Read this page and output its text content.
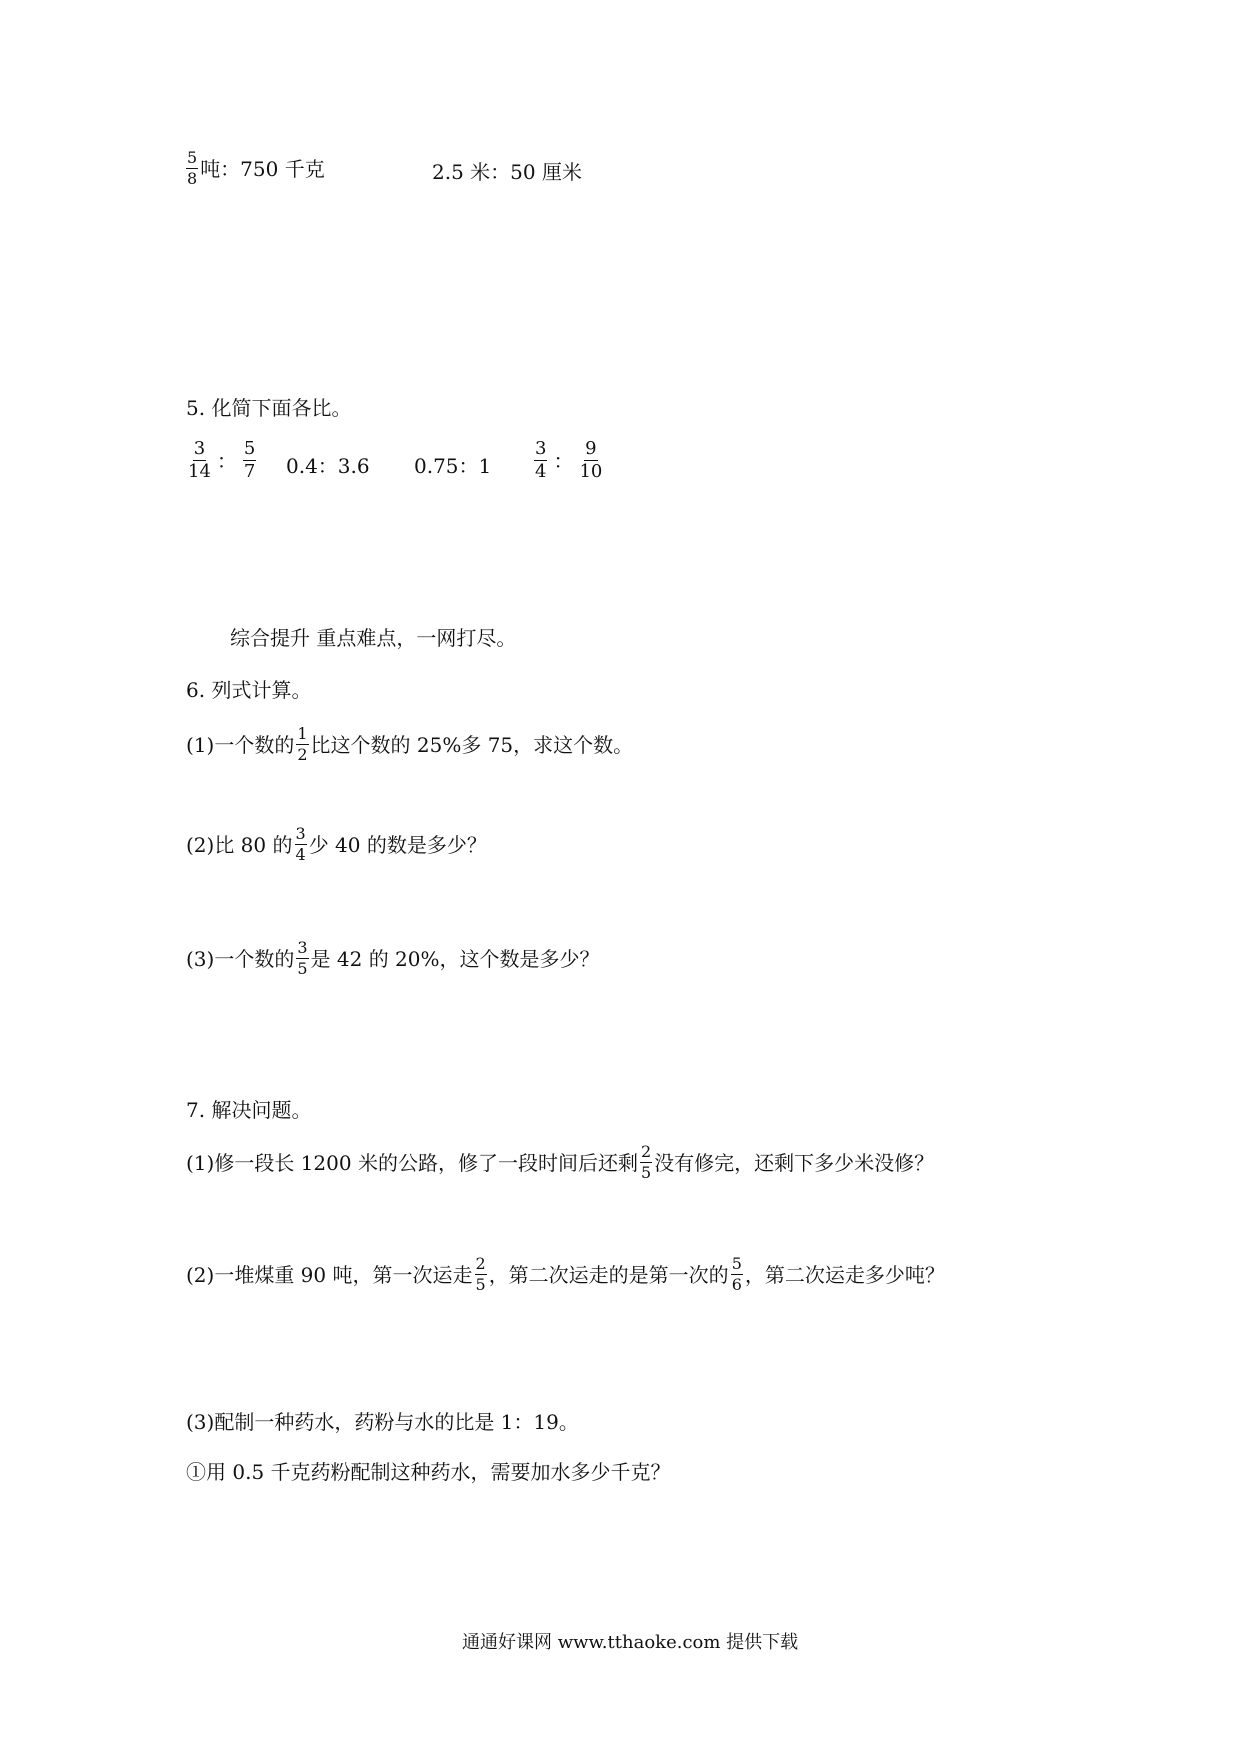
$\frac{5}{8}$ 吨：750 千克	2.5 米：50 厘米
5. 化简下面各比。
$\frac{3}{14}$ ： $\frac{5}{7} 0.4$：3.6 0.75：$1 \frac{3}{4}$ ： $\frac{9}{10}$
综合提升 重点难点，一网打尽。
6. 列式计算。
(1)一个数的 $\frac{1}{2}$ 比这个数的 25%多 75，求这个数。
(2)比 80 的 $\frac{3}{4}$ 少 40 的数是多少？
(3)一个数的 $\frac{3}{5}$ 是 42 的 20%，这个数是多少？
7. 解决问题。
(1)修一段长 1200 米的公路，修了一段时间后还剩 $\frac{2}{5}$ 没有修完，还剩下多少米没修？
(2)一堆煤重 90 吨，第一次运走 $\frac{2}{5}$ ，第二次运走的是第一次的 $\frac{5}{6}$ ，第二次运走多少吨？
(3)配制一种药水，药粉与水的比是 1：19。
①用 0.5 千克药粉配制这种药水，需要加水多少千克？
通通好课网 www.tthaoke.com 提供下载
